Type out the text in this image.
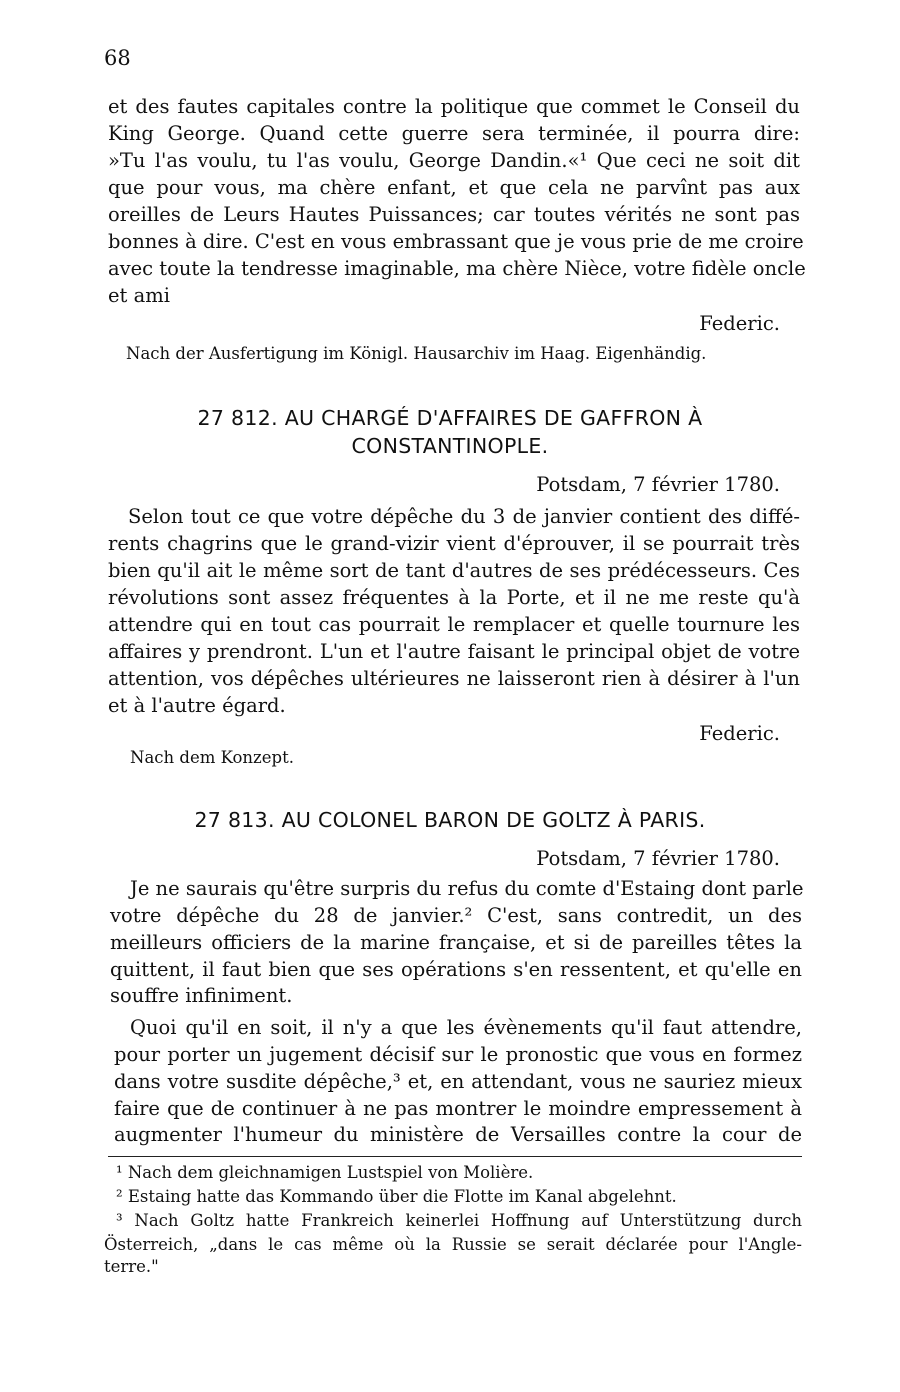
68
et des fautes capitales contre la politique que commet le Conseil du
King George. Quand cette guerre sera terminée, il pourra dire:
»Tu l'as voulu, tu l'as voulu, George Dandin.«¹ Que ceci ne soit dit
que pour vous, ma chère enfant, et que cela ne parvînt pas aux
oreilles de Leurs Hautes Puissances; car toutes vérités ne sont pas
bonnes à dire. C'est en vous embrassant que je vous prie de me croire
avec toute la tendresse imaginable, ma chère Nièce, votre fidèle oncle
et ami
Federic.
Nach der Ausfertigung im Königl. Hausarchiv im Haag. Eigenhändig.
27 812. AU CHARGÉ D'AFFAIRES DE GAFFRON À
CONSTANTINOPLE.
Potsdam, 7 février 1780.
Selon tout ce que votre dépêche du 3 de janvier contient des diffé-
rents chagrins que le grand-vizir vient d'éprouver, il se pourrait très
bien qu'il ait le même sort de tant d'autres de ses prédécesseurs. Ces
révolutions sont assez fréquentes à la Porte, et il ne me reste qu'à
attendre qui en tout cas pourrait le remplacer et quelle tournure les
affaires y prendront. L'un et l'autre faisant le principal objet de votre
attention, vos dépêches ultérieures ne laisseront rien à désirer à l'un
et à l'autre égard.
Federic.
Nach dem Konzept.
27 813. AU COLONEL BARON DE GOLTZ À PARIS.
Potsdam, 7 février 1780.
Je ne saurais qu'être surpris du refus du comte d'Estaing dont parle
votre dépêche du 28 de janvier.² C'est, sans contredit, un des
meilleurs officiers de la marine française, et si de pareilles têtes la
quittent, il faut bien que ses opérations s'en ressentent, et qu'elle en
souffre infiniment.
Quoi qu'il en soit, il n'y a que les évènements qu'il faut attendre,
pour porter un jugement décisif sur le pronostic que vous en formez
dans votre susdite dépêche,³ et, en attendant, vous ne sauriez mieux
faire que de continuer à ne pas montrer le moindre empressement à
augmenter l'humeur du ministère de Versailles contre la cour de
¹ Nach dem gleichnamigen Lustspiel von Molière.
² Estaing hatte das Kommando über die Flotte im Kanal abgelehnt.
³ Nach Goltz hatte Frankreich keinerlei Hoffnung auf Unterstützung durch
Österreich, „dans le cas même où la Russie se serait déclarée pour l'Angle-
terre."
